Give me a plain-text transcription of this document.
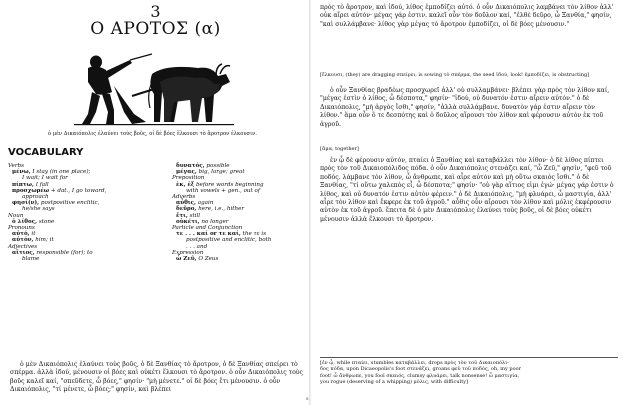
3
Ο ΑΡΟΤΟΣ (α)
ὁ μὲν Δικαιόπολις ἐλαύνει τοὺς βοῦς, οἱ δὲ βόες ἕλκουσι τὸ ἄροτρον ἐλκουσιν.
VOCABULARY
Verbs
μένω, I stay (in one place);
I wait; I wait for
πίπτω, I fall
προσχωρέω + dat., I go toward,
approach
φησί(ν), postpositive enclitic,
he/she says
Noun
ὁ λίθος, stone
Pronouns
αὐτό, it
αὐτόν, him; it
Adjectives
αἴτιος, responsible (for); to
blame
δυνατός, possible
μέγας, big, large; great
Preposition
ἐκ, ἐξ before words beginning
with vowels + gen., out of
Adverbs
αὖθις, again
δεῦρο, here, i.e., hither
ἔτι, still
οὐκέτι, no longer
Particle and Conjunction
τε . . . καί or τε καί, the τε is
postpositive and enclitic, both
. . . and
Expression
ὦ Ζεῦ, O Zeus

ὁ μὲν Δικαιόπολις ἐλαύνει τοὺς βοῦς, ὁ δὲ Ξανθίας τὸ ἄροτρον, ὁ δὲ Ξανθίας σπείρει τὸ σπέρμα. ἀλλὰ ἰδού, μένουσιν οἱ βόες καὶ οὐκέτι ἕλκουσι τὸ ἄροτρον. ὁ οὖν Δικαιόπολις τοὺς βοῦς καλεῖ καί, "σπεῦδετε, ὦ βόες," φησίν· "μὴ μένετε." οἱ δὲ βόες ἔτι μένουσιν. ὁ οὖν Δικαιόπολις, "τί μένετε, ὦ βόες;" φησίν, καὶ βλέπει

5

πρὸς τὸ ἄροτρον, καὶ ἰδού, λίθος ἐμποδίζει αὐτό. ὁ οὖν Δικαιόπολις λαμβάνει τὸν λίθον ἀλλ' οὐκ αἴρει αὐτόν· μέγας γάρ ἐστιν. καλεῖ οὖν τὸν δοῦλον καί, "ἐλθὲ δεῦρο, ὦ Ξανθία," φησίν, "καὶ συλλάμβανε· λίθος γὰρ μέγας τὸ ἄροτρον ἐμποδίζει, οἱ δὲ βόες μένουσιν."

[ἕλκουσι, (they) are dragging σπείρει, is sowing τὸ σπέρμα, the seed ἰδού, look! ἐμποδίζει, is obstructing]

ὁ οὖν Ξανθίας βραδέως προσχωρεῖ ἀλλ' οὐ συλλαμβάνει· βλέπει γὰρ πρὸς τὸν λίθον καί, "μέγας ἐστὶν ὁ λίθος, ὦ δέσποτα," φησίν· "ἰδού, οὐ δυνατόν ἐστιν αἴρειν αὐτόν." ὁ δὲ Δικαιόπολις, "μὴ ἀργὸς ἴσθι," φησίν, "ἀλλὰ συλλάμβανε. δυνατὸν γάρ ἐστιν αἴρειν τὸν λίθον." ἅμα οὖν ὅ τε δεσπότης καὶ ὁ δοῦλος αἴρουσι τὸν λίθον καὶ φέρουσιν αὐτὸν ἐκ τοῦ ἀγροῦ.

[ἅμα, together]

ἐν ᾧ δὲ φέρουσιν αὐτόν, πταίει ὁ Ξανθίας καὶ καταβάλλει τὸν λίθον· ὁ δὲ λίθος πίπτει πρὸς τὸν τοῦ Δικαιοπόλιδος πόδα. ὁ οὖν Δικαιόπολις στενάζει καί, "ὦ Ζεῦ," φησίν, "φεῦ τοῦ ποδός. λάμβανε τὸν λίθον, ὦ ἄνθρωπε, καὶ αἶρε αὐτὸν καὶ μὴ οὕτω σκαιὸς ἴσθι." ὁ δὲ Ξανθίας, "τί οὕτω χαλεπὸς εἶ, ὦ δέσποτα;" φησίν· "οὐ γὰρ αἴτιος εἰμι ἐγώ· μέγας γάρ ἐστιν ὁ λίθος, καὶ οὐ δυνατόν ἐστιν αὐτὸν φέρειν." ὁ δὲ Δικαιόπολις, "μὴ φλυάρει, ὦ μαστιγία, ἀλλ' αἶρε τὸν λίθον καὶ ἔκφερε ἐκ τοῦ ἀγροῦ." αὖθις οὖν αἴρουσι τὸν λίθον καὶ μόλις ἐκφέρουσιν αὐτὸν ἐκ τοῦ ἀγροῦ. ἔπειτα δὲ ὁ μὲν Δικαιόπολις ἐλαύνει τοὺς βοῦς, οἱ δὲ βόες οὐκέτι μένουσιν ἀλλὰ ἕλκουσι τὸ ἄροτρον.

[ἐν ᾧ, while πταίει, stumbles καταβάλλει, drops πρὸς τὸν τοῦ Δικαιοπόλι-
δος πόδα, upon Dicaeopolis's foot στενάζει, groans φεῦ τοῦ ποδός, oh, my poor
foot! ὦ ἄνθρωπε, you fool σκαιός, clumsy φλυάρει, talk nonsense! ὦ μαστιγία,
you rogue (deserving of a whipping) μόλις, with difficulty]
